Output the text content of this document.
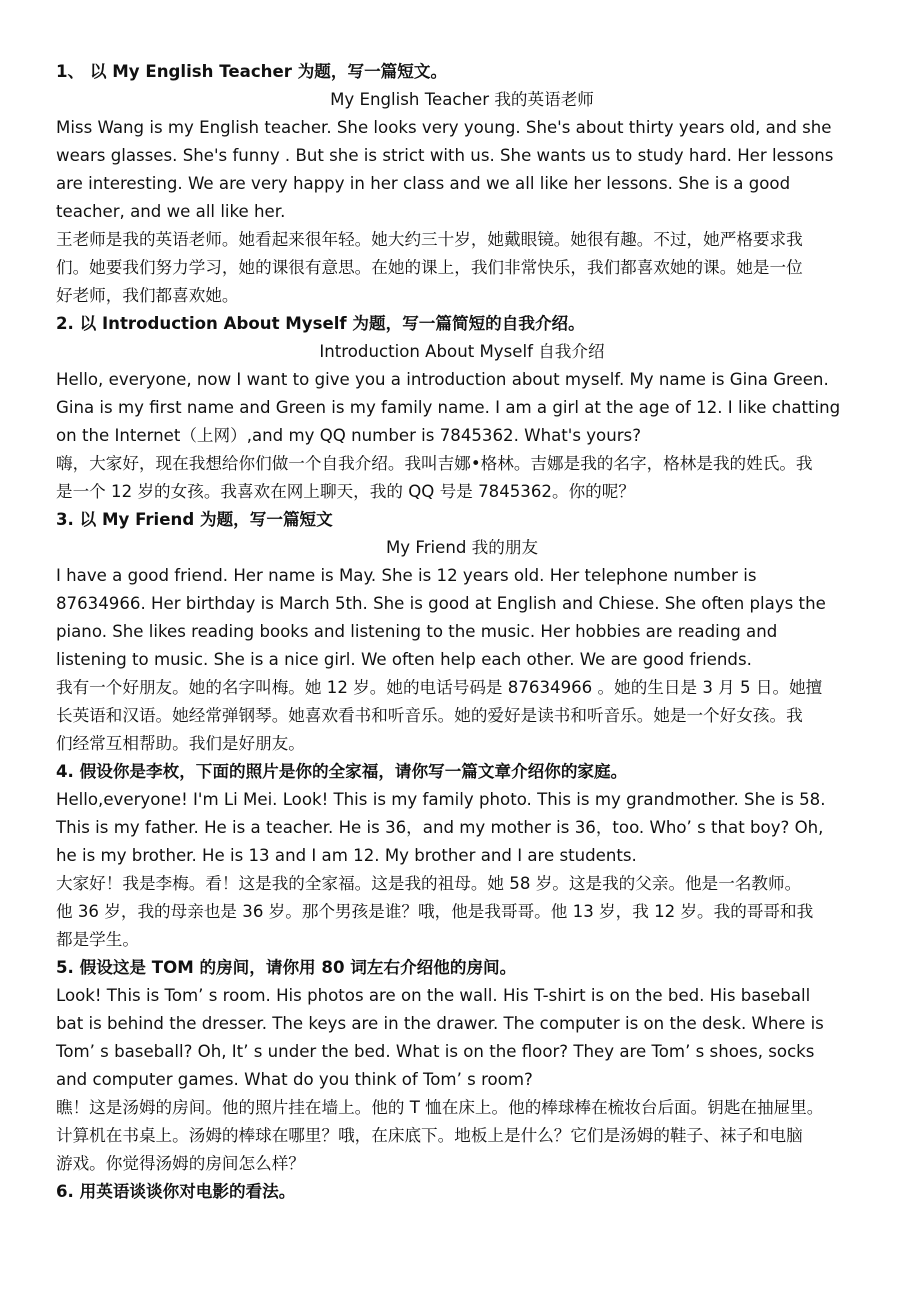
1、 以 My English Teacher 为题，写一篇短文。
My English Teacher 我的英语老师
Miss Wang is my English teacher. She looks very young. She's about thirty years old, and she
wears glasses. She's funny . But she is strict with us. She wants us to study hard. Her lessons
are interesting. We are very happy in her class and we all like her lessons. She is a good
teacher, and we all like her.
王老师是我的英语老师。她看起来很年轻。她大约三十岁，她戴眼镜。她很有趣。不过，她严格要求我
们。她要我们努力学习，她的课很有意思。在她的课上，我们非常快乐，我们都喜欢她的课。她是一位
好老师，我们都喜欢她。
2. 以 Introduction About Myself 为题，写一篇简短的自我介绍。
Introduction About Myself 自我介绍
Hello, everyone, now I want to give you a introduction about myself. My name is Gina Green.
Gina is my first name and Green is my family name. I am a girl at the age of 12. I like chatting
on the Internet（上网）,and my QQ number is 7845362. What's yours?
嗨，大家好，现在我想给你们做一个自我介绍。我叫吉娜•格林。吉娜是我的名字，格林是我的姓氏。我
是一个 12 岁的女孩。我喜欢在网上聊天，我的 QQ 号是 7845362。你的呢？
3. 以 My Friend 为题，写一篇短文
My Friend 我的朋友
I have a good friend. Her name is May. She is 12 years old. Her telephone number is
87634966. Her birthday is March 5th. She is good at English and Chiese. She often plays the
piano. She likes reading books and listening to the music. Her hobbies are reading and
listening to music. She is a nice girl. We often help each other. We are good friends.
我有一个好朋友。她的名字叫梅。她 12 岁。她的电话号码是 87634966 。她的生日是 3 月 5 日。她擅
长英语和汉语。她经常弹钢琴。她喜欢看书和听音乐。她的爱好是读书和听音乐。她是一个好女孩。我
们经常互相帮助。我们是好朋友。
4. 假设你是李枚，下面的照片是你的全家福，请你写一篇文章介绍你的家庭。
Hello,everyone! I'm Li Mei. Look! This is my family photo. This is my grandmother. She is 58.
This is my father. He is a teacher. He is 36，and my mother is 36，too. Who’ s that boy? Oh,
he is my brother. He is 13 and I am 12. My brother and I are students.
大家好！我是李梅。看！这是我的全家福。这是我的祖母。她 58 岁。这是我的父亲。他是一名教师。
他 36 岁，我的母亲也是 36 岁。那个男孩是谁？哦，他是我哥哥。他 13 岁，我 12 岁。我的哥哥和我
都是学生。
5. 假设这是 TOM 的房间，请你用 80 词左右介绍他的房间。
Look! This is Tom’ s room. His photos are on the wall. His T-shirt is on the bed. His baseball
bat is behind the dresser. The keys are in the drawer. The computer is on the desk. Where is
Tom’ s baseball? Oh, It’ s under the bed. What is on the floor? They are Tom’ s shoes, socks
and computer games. What do you think of Tom’ s room?
瞧！这是汤姆的房间。他的照片挂在墙上。他的 T 恤在床上。他的棒球棒在梳妆台后面。钥匙在抽屉里。
计算机在书桌上。汤姆的棒球在哪里？哦，在床底下。地板上是什么？它们是汤姆的鞋子、袜子和电脑
游戏。你觉得汤姆的房间怎么样？
6. 用英语谈谈你对电影的看法。
